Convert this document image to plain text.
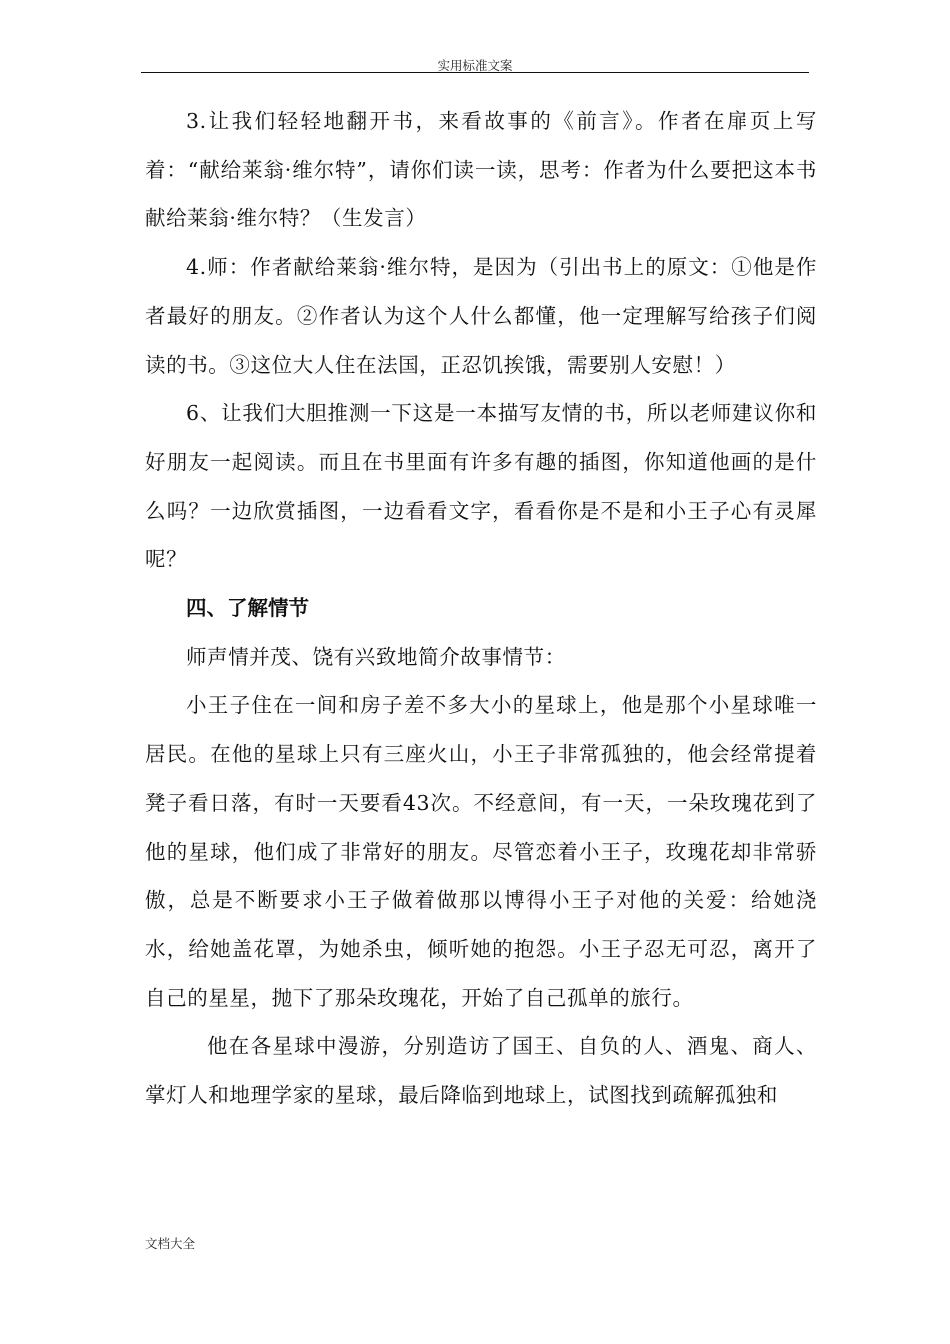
实用标准文案

3.让我们轻轻地翻开书，来看故事的《前言》。作者在扉页上写着：“献给莱翁·维尔特”，请你们读一读，思考：作者为什么要把这本书献给莱翁·维尔特？（生发言）

4.师：作者献给莱翁·维尔特，是因为（引出书上的原文：①他是作者最好的朋友。②作者认为这个人什么都懂，他一定理解写给孩子们阅读的书。③这位大人住在法国，正忍饥挨饿，需要别人安慰！）

6、让我们大胆推测一下这是一本描写友情的书，所以老师建议你和好朋友一起阅读。而且在书里面有许多有趣的插图，你知道他画的是什么吗？一边欣赏插图，一边看看文字，看看你是不是和小王子心有灵犀呢？

四、了解情节

师声情并茂、饶有兴致地简介故事情节：

小王子住在一间和房子差不多大小的星球上，他是那个小星球唯一居民。在他的星球上只有三座火山，小王子非常孤独的，他会经常提着凳子看日落，有时一天要看43次。不经意间，有一天，一朵玫瑰花到了他的星球，他们成了非常好的朋友。尽管恋着小王子，玫瑰花却非常骄傲，总是不断要求小王子做着做那以博得小王子对他的关爱：给她浇水，给她盖花罩，为她杀虫，倾听她的抱怨。小王子忍无可忍，离开了自己的星星，抛下了那朵玫瑰花，开始了自己孤单的旅行。

他在各星球中漫游，分别造访了国王、自负的人、酒鬼、商人、掌灯人和地理学家的星球，最后降临到地球上，试图找到疏解孤独和

文档大全
